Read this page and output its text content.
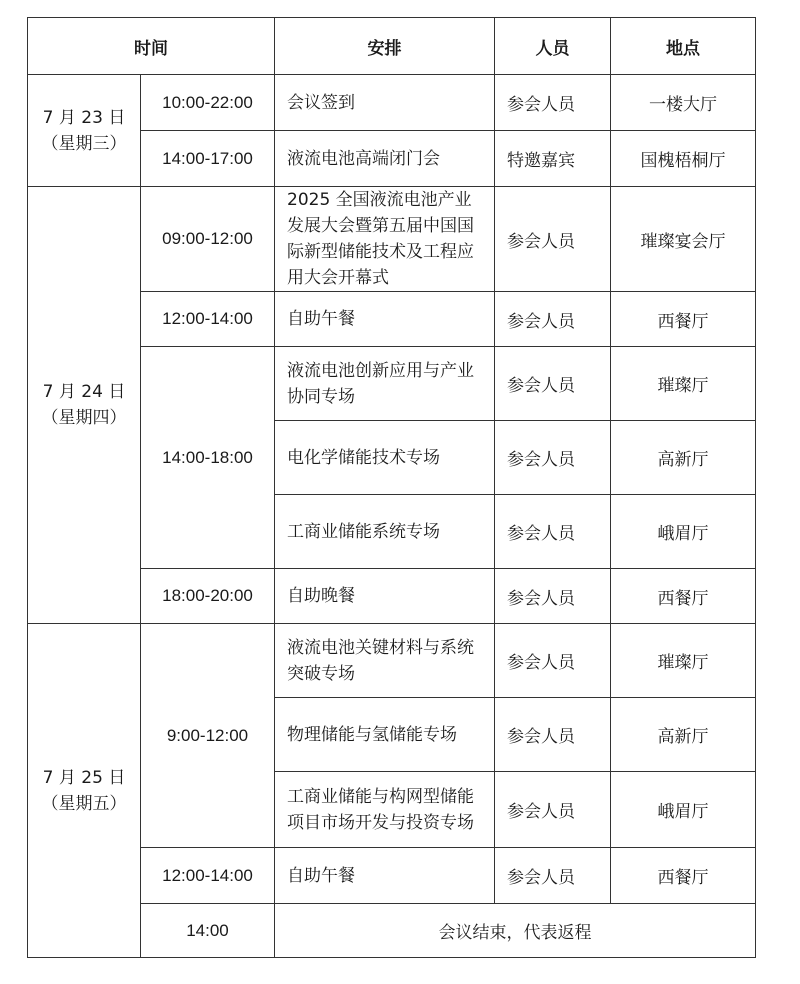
时间		安排	人员	地点

7 月 23 日
（星期三）	10:00-22:00	会议签到	参会人员	一楼大厅
	14:00-17:00	液流电池高端闭门会	特邀嘉宾	国槐梧桐厅

7 月 24 日
（星期四）	09:00-12:00	2025 全国液流电池产业发展大会暨第五届中国国际新型储能技术及工程应用大会开幕式	参会人员	璀璨宴会厅
	12:00-14:00	自助午餐	参会人员	西餐厅
	14:00-18:00	液流电池创新应用与产业协同专场	参会人员	璀璨厅
		电化学储能技术专场	参会人员	高新厅
		工商业储能系统专场	参会人员	峨眉厅
	18:00-20:00	自助晚餐	参会人员	西餐厅

7 月 25 日
（星期五）	9:00-12:00	液流电池关键材料与系统突破专场	参会人员	璀璨厅
		物理储能与氢储能专场	参会人员	高新厅
		工商业储能与构网型储能项目市场开发与投资专场	参会人员	峨眉厅
	12:00-14:00	自助午餐	参会人员	西餐厅
	14:00	会议结束，代表返程		
